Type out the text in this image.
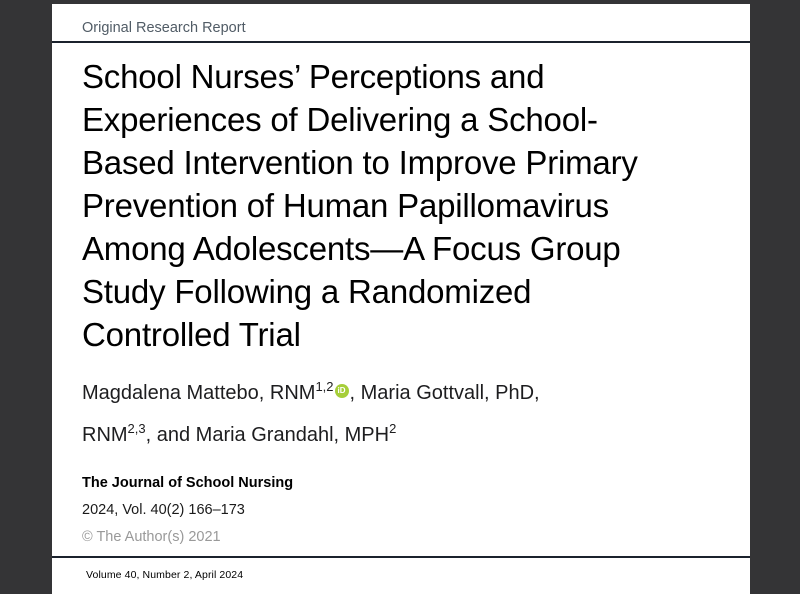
Original Research Report
School Nurses’ Perceptions and
Experiences of Delivering a School-
Based Intervention to Improve Primary
Prevention of Human Papillomavirus
Among Adolescents—A Focus Group
Study Following a Randomized
Controlled Trial
Magdalena Mattebo, RNM$^{1,2}$ iD , Maria Gottvall, PhD,
RNM$^{2,3}$, and Maria Grandahl, MPH$^2$
The Journal of School Nursing
2024, Vol. 40(2) 166–173
© The Author(s) 2021
Volume 40, Number 2, April 2024
